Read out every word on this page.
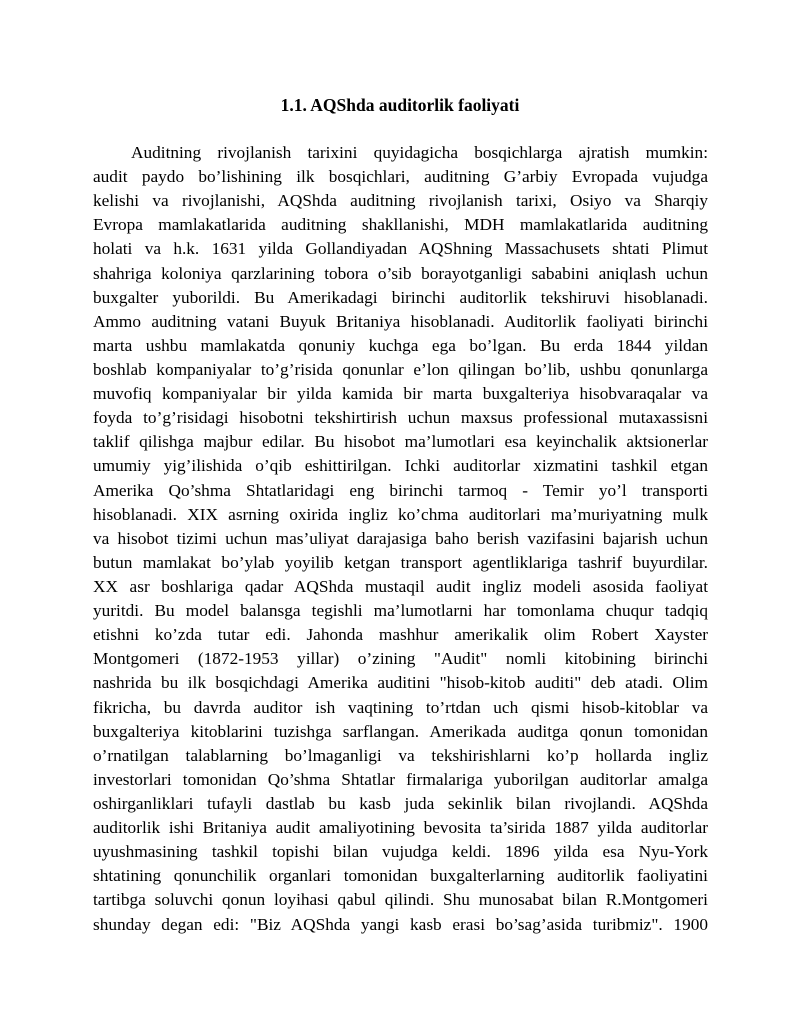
1.1. AQShda auditorlik faoliyati
Auditning rivojlanish tarixini quyidagicha bosqichlarga ajratish mumkin:
audit paydo bo’lishining ilk bosqichlari, auditning G’arbiy Evropada vujudga
kelishi va rivojlanishi, AQShda auditning rivojlanish tarixi, Osiyo va Sharqiy
Evropa mamlakatlarida auditning shakllanishi, MDH mamlakatlarida auditning
holati va h.k. 1631 yilda Gollandiyadan AQShning Massachusets shtati Plimut
shahriga koloniya qarzlarining tobora o’sib borayotganligi sababini aniqlash uchun
buxgalter yuborildi. Bu Amerikadagi birinchi auditorlik tekshiruvi hisoblanadi.
Ammo auditning vatani Buyuk Britaniya hisoblanadi. Auditorlik faoliyati birinchi
marta ushbu mamlakatda qonuniy kuchga ega bo’lgan. Bu erda 1844 yildan
boshlab kompaniyalar to’g’risida qonunlar e’lon qilingan bo’lib, ushbu qonunlarga
muvofiq kompaniyalar bir yilda kamida bir marta buxgalteriya hisobvaraqalar va
foyda to’g’risidagi hisobotni tekshirtirish uchun maxsus professional mutaxassisni
taklif qilishga majbur edilar. Bu hisobot ma’lumotlari esa keyinchalik aktsionerlar
umumiy yig’ilishida o’qib eshittirilgan. Ichki auditorlar xizmatini tashkil etgan
Amerika Qo’shma Shtatlaridagi eng birinchi tarmoq - Temir yo’l transporti
hisoblanadi. XIX asrning oxirida ingliz ko’chma auditorlari ma’muriyatning mulk
va hisobot tizimi uchun mas’uliyat darajasiga baho berish vazifasini bajarish uchun
butun mamlakat bo’ylab yoyilib ketgan transport agentliklariga tashrif buyurdilar.
XX asr boshlariga qadar AQShda mustaqil audit ingliz modeli asosida faoliyat
yuritdi. Bu model balansga tegishli ma’lumotlarni har tomonlama chuqur tadqiq
etishni ko’zda tutar edi. Jahonda mashhur amerikalik olim Robert Xayster
Montgomeri (1872-1953 yillar) o’zining "Audit" nomli kitobining birinchi
nashrida bu ilk bosqichdagi Amerika auditini "hisob-kitob auditi" deb atadi. Olim
fikricha, bu davrda auditor ish vaqtining to’rtdan uch qismi hisob-kitoblar va
buxgalteriya kitoblarini tuzishga sarflangan. Amerikada auditga qonun tomonidan
o’rnatilgan talablarning bo’lmaganligi va tekshirishlarni ko’p hollarda ingliz
investorlari tomonidan Qo’shma Shtatlar firmalariga yuborilgan auditorlar amalga
oshirganliklari tufayli dastlab bu kasb juda sekinlik bilan rivojlandi. AQShda
auditorlik ishi Britaniya audit amaliyotining bevosita ta’sirida 1887 yilda auditorlar
uyushmasining tashkil topishi bilan vujudga keldi. 1896 yilda esa Nyu-York
shtatining qonunchilik organlari tomonidan buxgalterlarning auditorlik faoliyatini
tartibga soluvchi qonun loyihasi qabul qilindi. Shu munosabat bilan R.Montgomeri
shunday degan edi: "Biz AQShda yangi kasb erasi bo’sag’asida turibmiz". 1900
